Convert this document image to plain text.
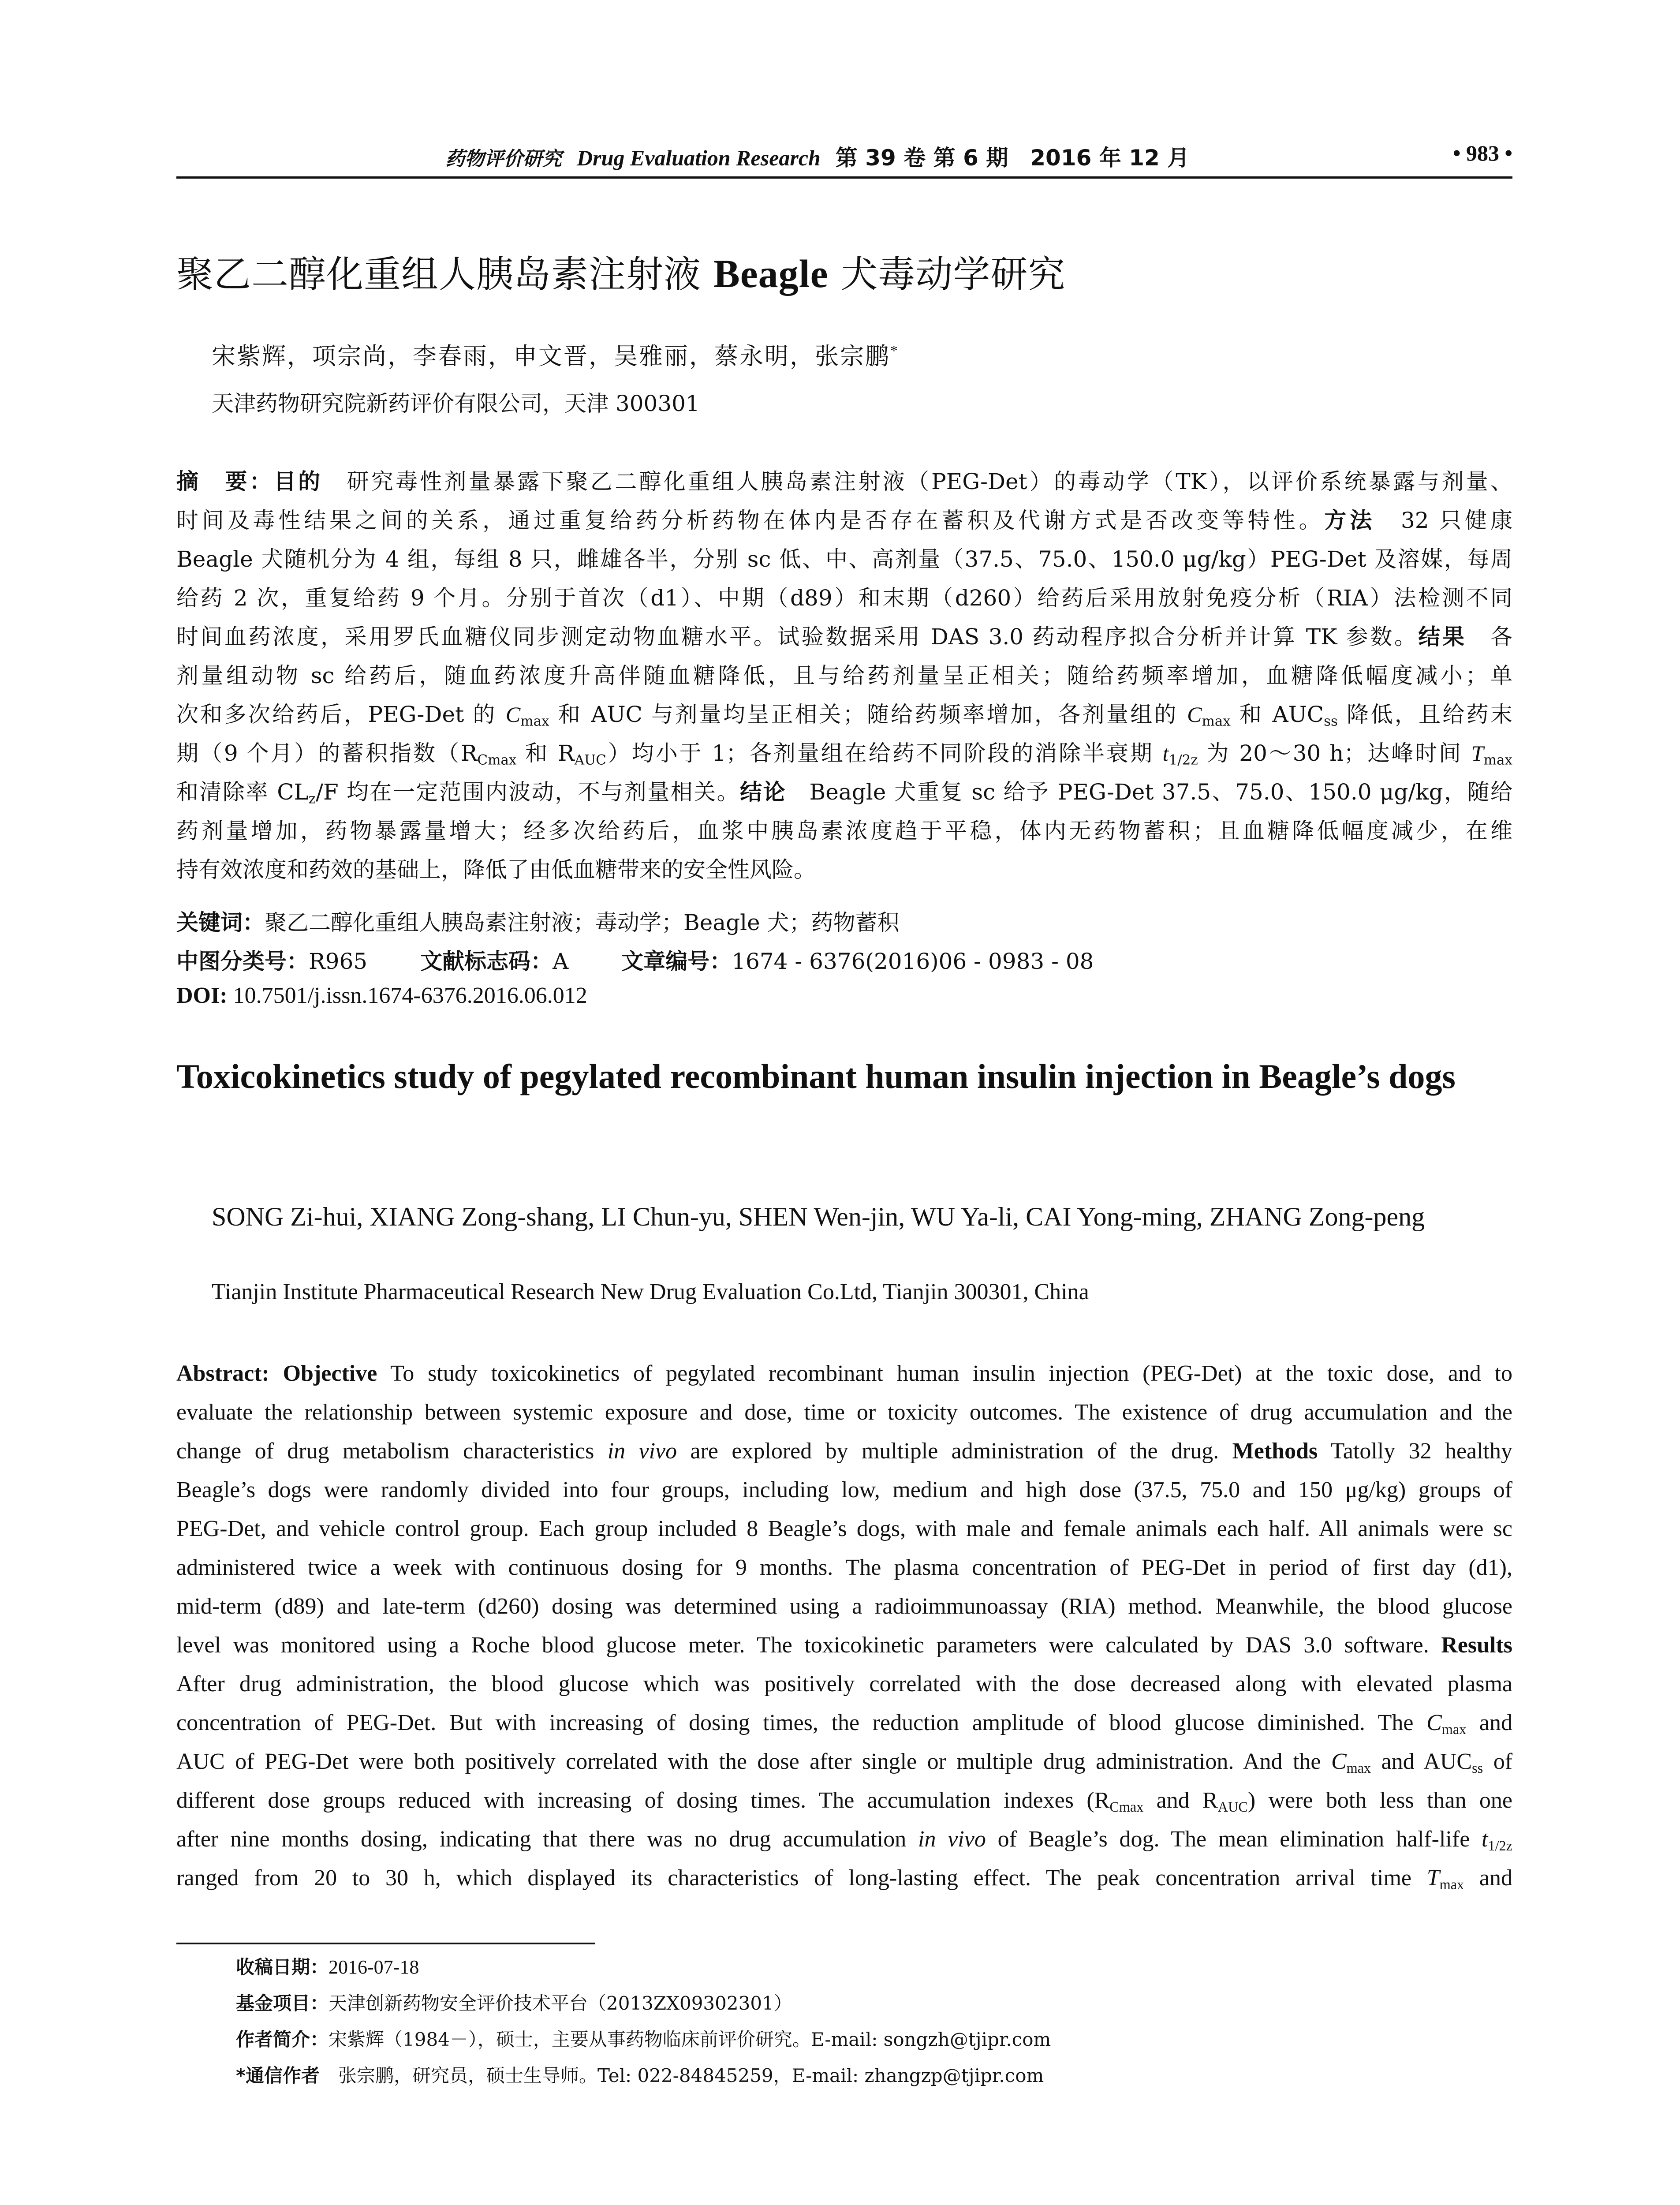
药物评价研究 Drug Evaluation Research 第 39 卷 第 6 期　2016 年 12 月	• 983 •
聚乙二醇化重组人胰岛素注射液 Beagle 犬毒动学研究
宋紫辉，项宗尚，李春雨，申文晋，吴雅丽，蔡永明，张宗鹏*
天津药物研究院新药评价有限公司，天津 300301
摘　要：目的　 研究毒性剂量暴露下聚乙二醇化重组人胰岛素注射液（PEG-Det）的毒动学（TK），以评价系统暴露与剂量、
时间及毒性结果之间的关系，通过重复给药分析药物在体内是否存在蓄积及代谢方式是否改变等特性。方法　 32 只健康
Beagle 犬随机分为 4 组，每组 8 只，雌雄各半，分别 sc 低、中、高剂量（37.5、75.0、150.0 μg/kg）PEG-Det 及溶媒，每周
给药 2 次，重复给药 9 个月。分别于首次（d1）、中期（d89）和末期（d260）给药后采用放射免疫分析（RIA）法检测不同
时间血药浓度，采用罗氏血糖仪同步测定动物血糖水平。试验数据采用 DAS 3.0 药动程序拟合分析并计算 TK 参数。结果　 各
剂量组动物 sc 给药后，随血药浓度升高伴随血糖降低，且与给药剂量呈正相关；随给药频率增加，血糖降低幅度减小；单
次和多次给药后，PEG-Det 的 $C_{max}$ 和 AUC 与剂量均呈正相关；随给药频率增加，各剂量组的 $C_{max}$ 和 $AUC_{ss}$ 降低，且给药末
期（9 个月）的蓄积指数（$R_{Cmax}$ 和 $R_{AUC}$）均小于 1；各剂量组在给药不同阶段的消除半衰期 $t_{1/2z}$ 为 20～30 h；达峰时间 $T_{max}$
和清除率 $CL_z/F$ 均在一定范围内波动，不与剂量相关。结论　 Beagle 犬重复 sc 给予 PEG-Det 37.5、75.0、150.0 μg/kg，随给
药剂量增加，药物暴露量增大；经多次给药后，血浆中胰岛素浓度趋于平稳，体内无药物蓄积；且血糖降低幅度减少，在维
持有效浓度和药效的基础上，降低了由低血糖带来的安全性风险。
关键词：聚乙二醇化重组人胰岛素注射液；毒动学；Beagle 犬；药物蓄积
中图分类号：R965 文献标志码：A 文章编号：1674 - 6376(2016)06 - 0983 - 08
DOI: 10.7501/j.issn.1674-6376.2016.06.012
Toxicokinetics study of pegylated recombinant human insulin injection in Beagle’s dogs
SONG Zi-hui, XIANG Zong-shang, LI Chun-yu, SHEN Wen-jin, WU Ya-li, CAI Yong-ming, ZHANG Zong-peng
Tianjin Institute Pharmaceutical Research New Drug Evaluation Co.Ltd, Tianjin 300301, China
Abstract: Objective To study toxicokinetics of pegylated recombinant human insulin injection (PEG-Det) at the toxic dose, and to
evaluate the relationship between systemic exposure and dose, time or toxicity outcomes. The existence of drug accumulation and the
change of drug metabolism characteristics in vivo are explored by multiple administration of the drug. Methods Tatolly 32 healthy
Beagle’s dogs were randomly divided into four groups, including low, medium and high dose (37.5, 75.0 and 150 μg/kg) groups of
PEG-Det, and vehicle control group. Each group included 8 Beagle’s dogs, with male and female animals each half. All animals were sc
administered twice a week with continuous dosing for 9 months. The plasma concentration of PEG-Det in period of first day (d1),
mid-term (d89) and late-term (d260) dosing was determined using a radioimmunoassay (RIA) method. Meanwhile, the blood glucose
level was monitored using a Roche blood glucose meter. The toxicokinetic parameters were calculated by DAS 3.0 software. Results
After drug administration, the blood glucose which was positively correlated with the dose decreased along with elevated plasma
concentration of PEG-Det. But with increasing of dosing times, the reduction amplitude of blood glucose diminished. The $C_{max}$ and
AUC of PEG-Det were both positively correlated with the dose after single or multiple drug administration. And the $C_{max}$ and $AUC_{ss}$ of
different dose groups reduced with increasing of dosing times. The accumulation indexes ($R_{Cmax}$ and $R_{AUC}$) were both less than one
after nine months dosing, indicating that there was no drug accumulation in vivo of Beagle’s dog. The mean elimination half-life $t_{1/2z}$
ranged from 20 to 30 h, which displayed its characteristics of long-lasting effect. The peak concentration arrival time $T_{max}$ and
收稿日期：2016-07-18
基金项目：天津创新药物安全评价技术平台（2013ZX09302301）
作者简介：宋紫辉（1984－），硕士，主要从事药物临床前评价研究。E-mail: songzh@tjipr.com
*通信作者　 张宗鹏，研究员，硕士生导师。Tel: 022-84845259，E-mail: zhangzp@tjipr.com
